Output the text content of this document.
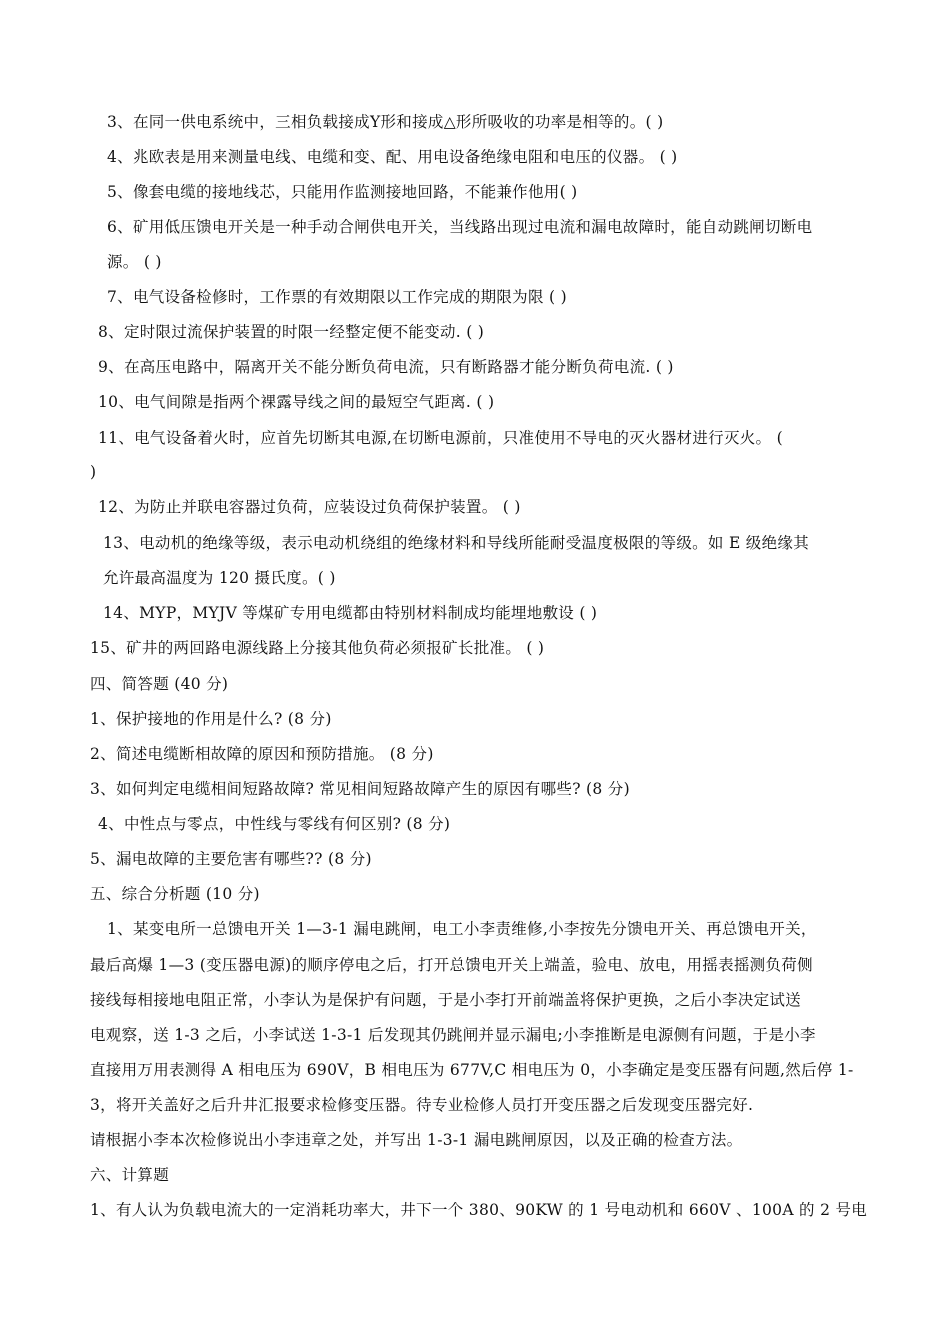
3、在同一供电系统中，三相负载接成Y形和接成△形所吸收的功率是相等的。( )
4、兆欧表是用来测量电线、电缆和变、配、用电设备绝缘电阻和电压的仪器。 ( )
5、像套电缆的接地线芯，只能用作监测接地回路，不能兼作他用( )
6、矿用低压馈电开关是一种手动合闸供电开关，当线路出现过电流和漏电故障时，能自动跳闸切断电
源。 ( )
7、电气设备检修时，工作票的有效期限以工作完成的期限为限 ( )
8、定时限过流保护装置的时限一经整定便不能变动. ( )
9、在高压电路中，隔离开关不能分断负荷电流，只有断路器才能分断负荷电流. ( )
10、电气间隙是指两个裸露导线之间的最短空气距离. ( )
11、电气设备着火时，应首先切断其电源,在切断电源前，只准使用不导电的灭火器材进行灭火。 (
)
12、为防止并联电容器过负荷，应装设过负荷保护装置。 ( )
13、电动机的绝缘等级，表示电动机绕组的绝缘材料和导线所能耐受温度极限的等级。如 E 级绝缘其
允许最高温度为 120 摄氏度。( )
14、MYP，MYJV 等煤矿专用电缆都由特别材料制成均能埋地敷设 ( )
15、矿井的两回路电源线路上分接其他负荷必须报矿长批准。 ( )
四、简答题 (40 分)
1、保护接地的作用是什么? (8 分)
2、简述电缆断相故障的原因和预防措施。 (8 分)
3、如何判定电缆相间短路故障? 常见相间短路故障产生的原因有哪些? (8 分)
4、中性点与零点，中性线与零线有何区别? (8 分)
5、漏电故障的主要危害有哪些?? (8 分)
五、综合分析题 (10 分)
1、某变电所一总馈电开关 1—3-1 漏电跳闸，电工小李责维修,小李按先分馈电开关、再总馈电开关，
最后高爆 1—3 (变压器电源)的顺序停电之后，打开总馈电开关上端盖，验电、放电，用摇表摇测负荷侧
接线每相接地电阻正常，小李认为是保护有问题，于是小李打开前端盖将保护更换，之后小李决定试送
电观察，送 1-3 之后，小李试送 1-3-1 后发现其仍跳闸并显示漏电;小李推断是电源侧有问题，于是小李
直接用万用表测得 A 相电压为 690V，B 相电压为 677V,C 相电压为 0，小李确定是变压器有问题,然后停 1-
3，将开关盖好之后升井汇报要求检修变压器。待专业检修人员打开变压器之后发现变压器完好.
请根据小李本次检修说出小李违章之处，并写出 1-3-1 漏电跳闸原因，以及正确的检查方法。
六、计算题
1、有人认为负载电流大的一定消耗功率大，井下一个 380、90KW 的 1 号电动机和 660V 、100A 的 2 号电
